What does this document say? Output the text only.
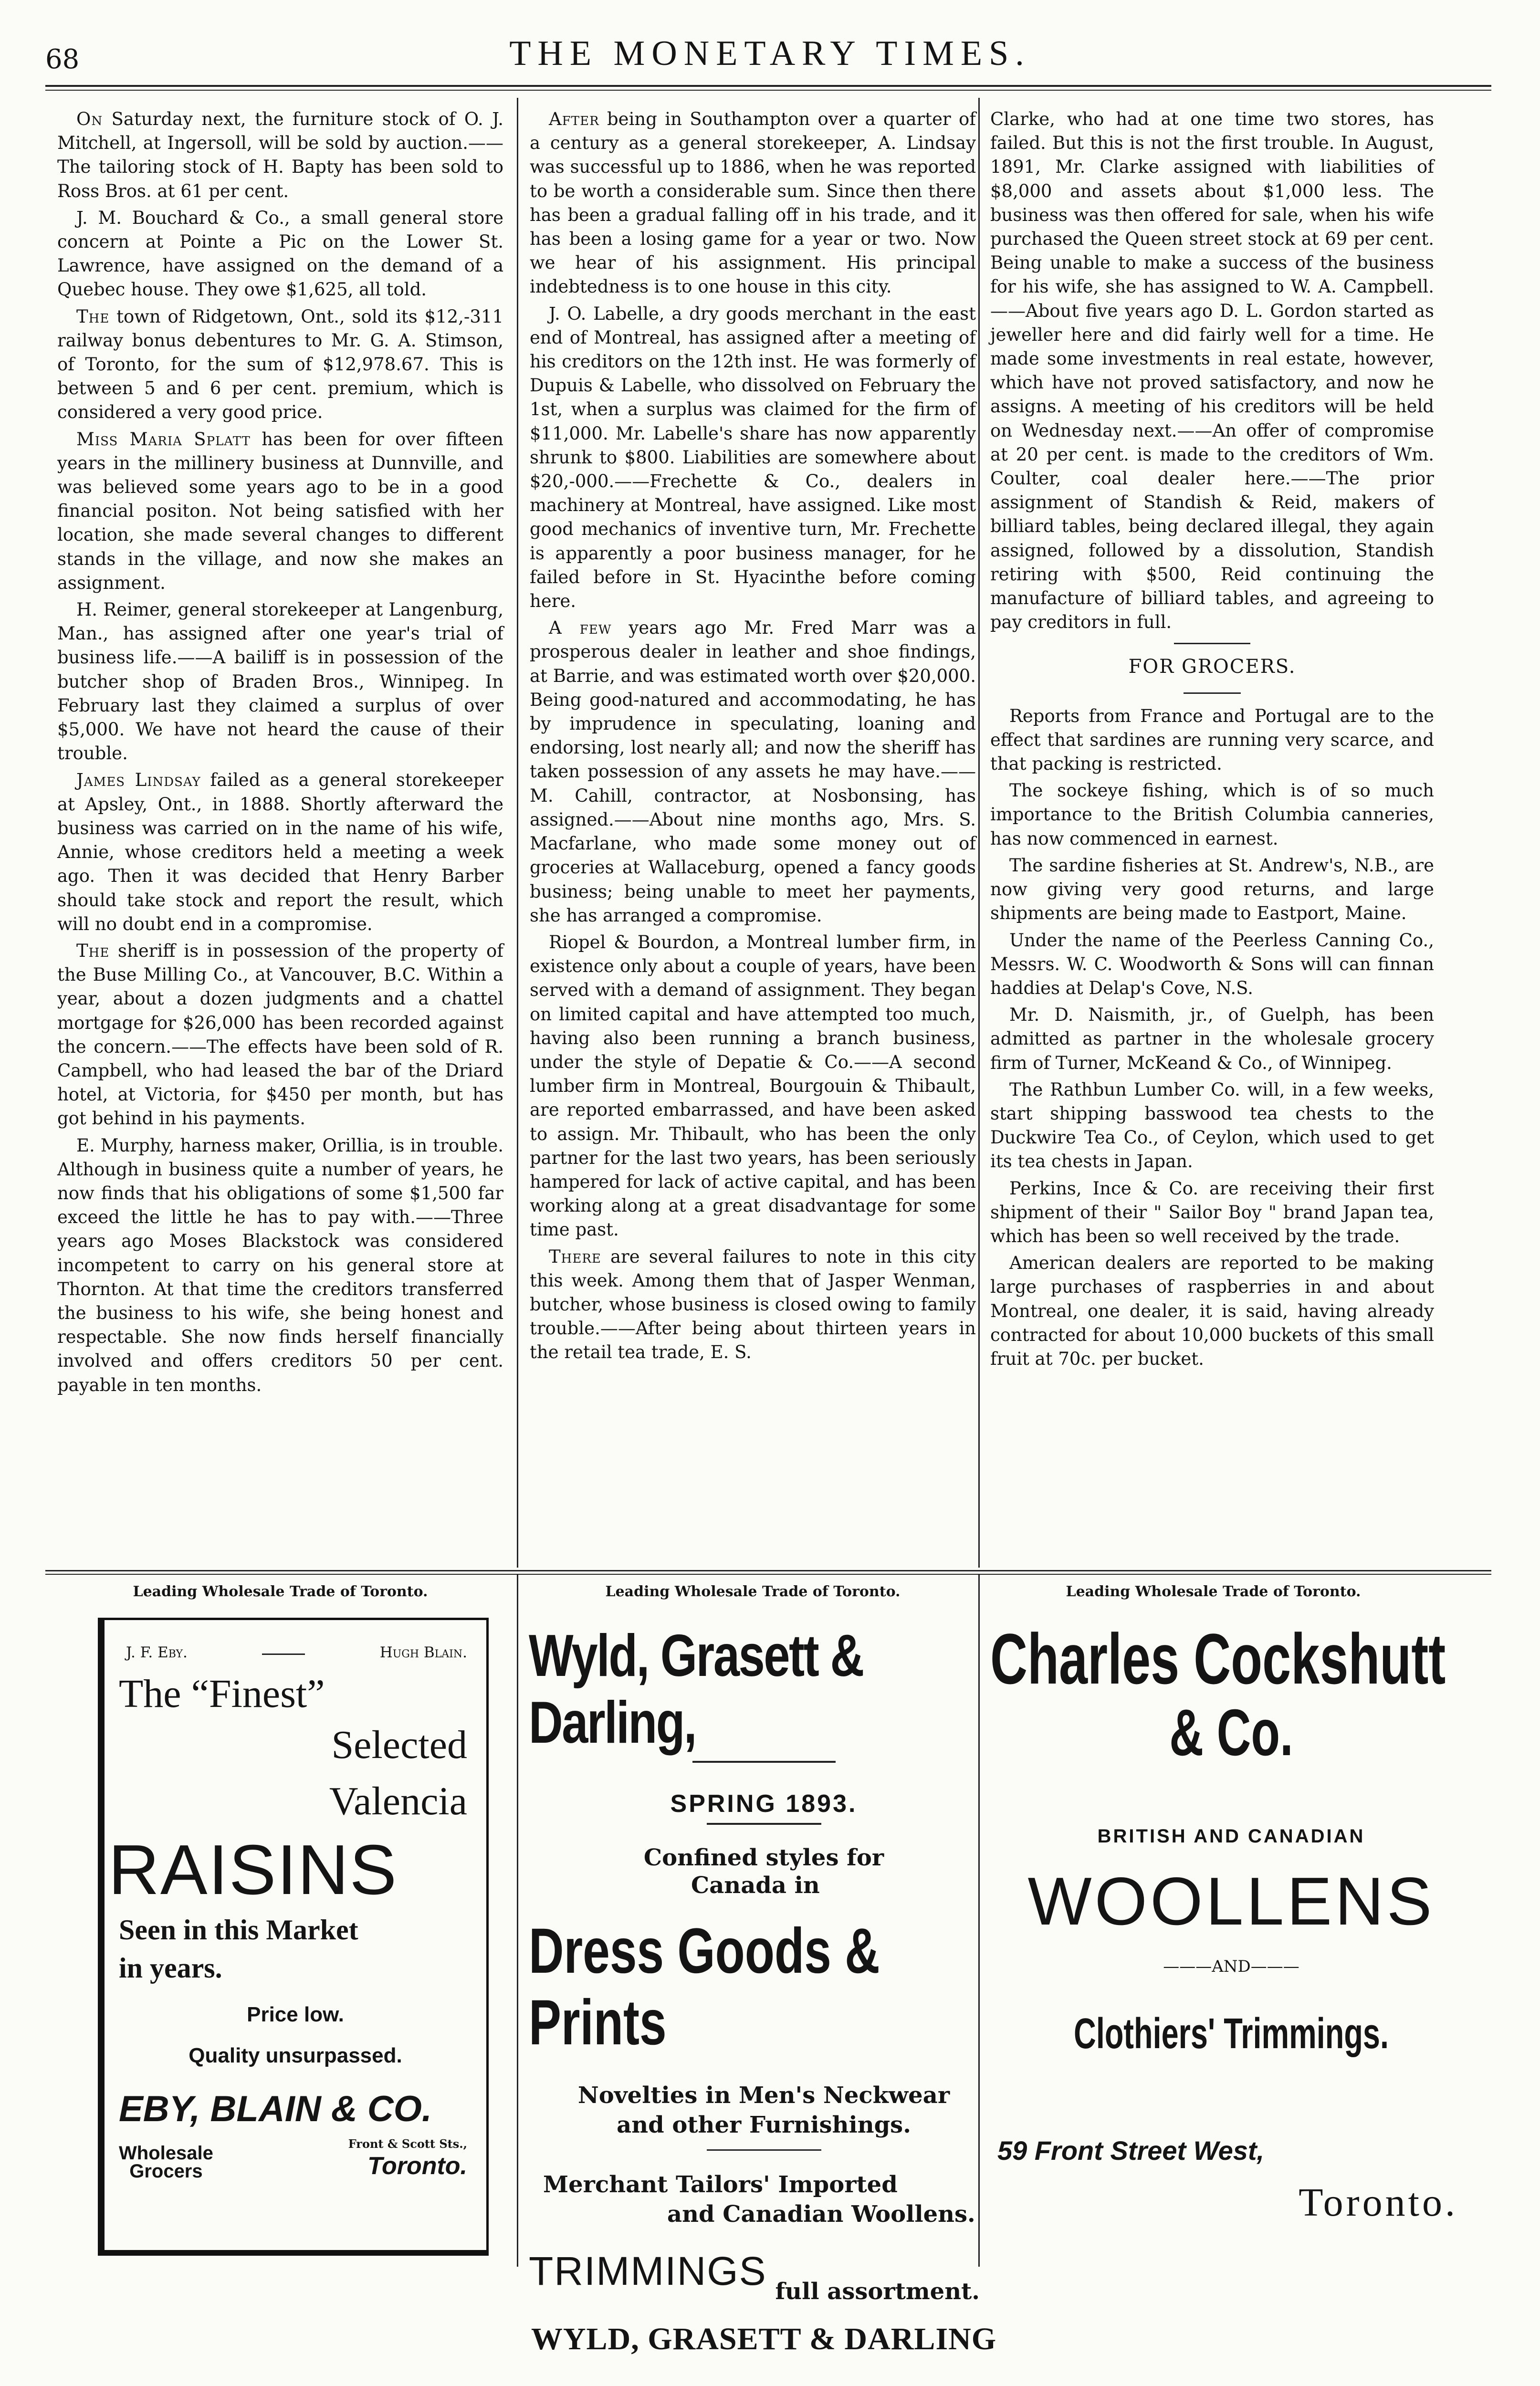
68	THE MONETARY TIMES.

On Saturday next, the furniture stock of O. J. Mitchell, at Ingersoll, will be sold by auction.——The tailoring stock of H. Bapty has been sold to Ross Bros. at 61 per cent.

J. M. Bouchard & Co., a small general store concern at Pointe a Pic on the Lower St. Lawrence, have assigned on the demand of a Quebec house. They owe $1,625, all told.

The town of Ridgetown, Ont., sold its $12,-311 railway bonus debentures to Mr. G. A. Stimson, of Toronto, for the sum of $12,978.67. This is between 5 and 6 per cent. premium, which is considered a very good price.

Miss Maria Splatt has been for over fifteen years in the millinery business at Dunnville, and was believed some years ago to be in a good financial positon. Not being satisfied with her location, she made several changes to different stands in the village, and now she makes an assignment.

H. Reimer, general storekeeper at Langenburg, Man., has assigned after one year's trial of business life.——A bailiff is in possession of the butcher shop of Braden Bros., Winnipeg. In February last they claimed a surplus of over $5,000. We have not heard the cause of their trouble.

James Lindsay failed as a general storekeeper at Apsley, Ont., in 1888. Shortly afterward the business was carried on in the name of his wife, Annie, whose creditors held a meeting a week ago. Then it was decided that Henry Barber should take stock and report the result, which will no doubt end in a compromise.

The sheriff is in possession of the property of the Buse Milling Co., at Vancouver, B.C. Within a year, about a dozen judgments and a chattel mortgage for $26,000 has been recorded against the concern.——The effects have been sold of R. Campbell, who had leased the bar of the Driard hotel, at Victoria, for $450 per month, but has got behind in his payments.

E. Murphy, harness maker, Orillia, is in trouble. Although in business quite a number of years, he now finds that his obligations of some $1,500 far exceed the little he has to pay with.——Three years ago Moses Blackstock was considered incompetent to carry on his general store at Thornton. At that time the creditors transferred the business to his wife, she being honest and respectable. She now finds herself financially involved and offers creditors 50 per cent. payable in ten months.

After being in Southampton over a quarter of a century as a general storekeeper, A. Lindsay was successful up to 1886, when he was reported to be worth a considerable sum. Since then there has been a gradual falling off in his trade, and it has been a losing game for a year or two. Now we hear of his assignment. His principal indebtedness is to one house in this city.

J. O. Labelle, a dry goods merchant in the east end of Montreal, has assigned after a meeting of his creditors on the 12th inst. He was formerly of Dupuis & Labelle, who dissolved on February the 1st, when a surplus was claimed for the firm of $11,000. Mr. Labelle's share has now apparently shrunk to $800. Liabilities are somewhere about $20,-000.——Frechette & Co., dealers in machinery at Montreal, have assigned. Like most good mechanics of inventive turn, Mr. Frechette is apparently a poor business manager, for he failed before in St. Hyacinthe before coming here.

A few years ago Mr. Fred Marr was a prosperous dealer in leather and shoe findings, at Barrie, and was estimated worth over $20,000. Being good-natured and accommodating, he has by imprudence in speculating, loaning and endorsing, lost nearly all; and now the sheriff has taken possession of any assets he may have.——M. Cahill, contractor, at Nosbonsing, has assigned.——About nine months ago, Mrs. S. Macfarlane, who made some money out of groceries at Wallaceburg, opened a fancy goods business; being unable to meet her payments, she has arranged a compromise.

Riopel & Bourdon, a Montreal lumber firm, in existence only about a couple of years, have been served with a demand of assignment. They began on limited capital and have attempted too much, having also been running a branch business, under the style of Depatie & Co.——A second lumber firm in Montreal, Bourgouin & Thibault, are reported embarrassed, and have been asked to assign. Mr. Thibault, who has been the only partner for the last two years, has been seriously hampered for lack of active capital, and has been working along at a great disadvantage for some time past.

There are several failures to note in this city this week. Among them that of Jasper Wenman, butcher, whose business is closed owing to family trouble.——After being about thirteen years in the retail tea trade, E. S.

Clarke, who had at one time two stores, has failed. But this is not the first trouble. In August, 1891, Mr. Clarke assigned with liabilities of $8,000 and assets about $1,000 less. The business was then offered for sale, when his wife purchased the Queen street stock at 69 per cent. Being unable to make a success of the business for his wife, she has assigned to W. A. Campbell.——About five years ago D. L. Gordon started as jeweller here and did fairly well for a time. He made some investments in real estate, however, which have not proved satisfactory, and now he assigns. A meeting of his creditors will be held on Wednesday next.——An offer of compromise at 20 per cent. is made to the creditors of Wm. Coulter, coal dealer here.——The prior assignment of Standish & Reid, makers of billiard tables, being declared illegal, they again assigned, followed by a dissolution, Standish retiring with $500, Reid continuing the manufacture of billiard tables, and agreeing to pay creditors in full.

FOR GROCERS.

Reports from France and Portugal are to the effect that sardines are running very scarce, and that packing is restricted.

The sockeye fishing, which is of so much importance to the British Columbia canneries, has now commenced in earnest.

The sardine fisheries at St. Andrew's, N.B., are now giving very good returns, and large shipments are being made to Eastport, Maine.

Under the name of the Peerless Canning Co., Messrs. W. C. Woodworth & Sons will can finnan haddies at Delap's Cove, N.S.

Mr. D. Naismith, jr., of Guelph, has been admitted as partner in the wholesale grocery firm of Turner, McKeand & Co., of Winnipeg.

The Rathbun Lumber Co. will, in a few weeks, start shipping basswood tea chests to the Duckwire Tea Co., of Ceylon, which used to get its tea chests in Japan.

Perkins, Ince & Co. are receiving their first shipment of their " Sailor Boy " brand Japan tea, which has been so well received by the trade.

American dealers are reported to be making large purchases of raspberries in and about Montreal, one dealer, it is said, having already contracted for about 10,000 buckets of this small fruit at 70c. per bucket.

Leading Wholesale Trade of Toronto.	Leading Wholesale Trade of Toronto.	Leading Wholesale Trade of Toronto.
J. F. Eby.	Hugh Blain.
The “Finest”
Selected
Valencia
RAISINS
Seen in this Market
in years.
Price low.
Quality unsurpassed.
EBY, BLAIN & CO.
Wholesale
Grocers
Front & Scott Sts.,
Toronto.
Wyld, Grasett & Darling,
SPRING 1893.
Confined styles for
Canada in
Dress Goods & Prints
Novelties in Men's Neckwear
and other Furnishings.
Merchant Tailors' Imported
and Canadian Woollens.
TRIMMINGS full assortment.
WYLD, GRASETT & DARLING
Charles Cockshutt
& Co.
BRITISH AND CANADIAN
WOOLLENS
———AND———
Clothiers' Trimmings.
59 Front Street West,
Toronto.
